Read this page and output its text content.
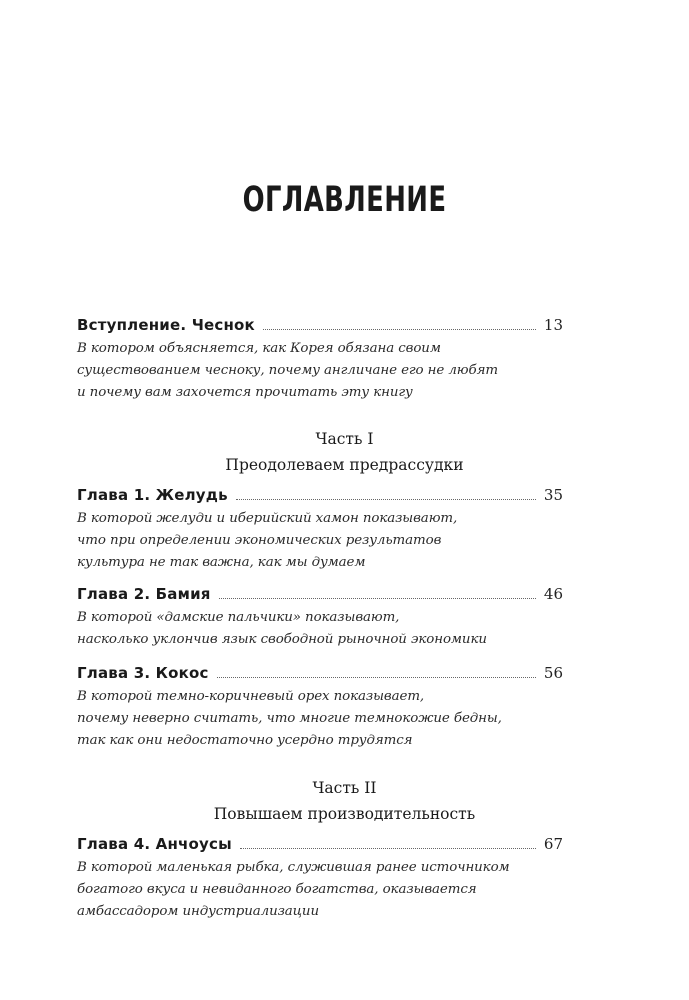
ОГЛАВЛЕНИЕ
Вступление. Чеснок	13
В котором объясняется, как Корея обязана своим
существованием чесноку, почему англичане его не любят
и почему вам захочется прочитать эту книгу
Часть I
Преодолеваем предрассудки
Глава 1. Желудь	35
В которой желуди и иберийский хамон показывают,
что при определении экономических результатов
культура не так важна, как мы думаем
Глава 2. Бамия	46
В которой «дамские пальчики» показывают,
насколько уклончив язык свободной рыночной экономики
Глава 3. Кокос	56
В которой темно-коричневый орех показывает,
почему неверно считать, что многие темнокожие бедны,
так как они недостаточно усердно трудятся
Часть II
Повышаем производительность
Глава 4. Анчоусы	67
В которой маленькая рыбка, служившая ранее источником
богатого вкуса и невиданного богатства, оказывается
амбассадором индустриализации
